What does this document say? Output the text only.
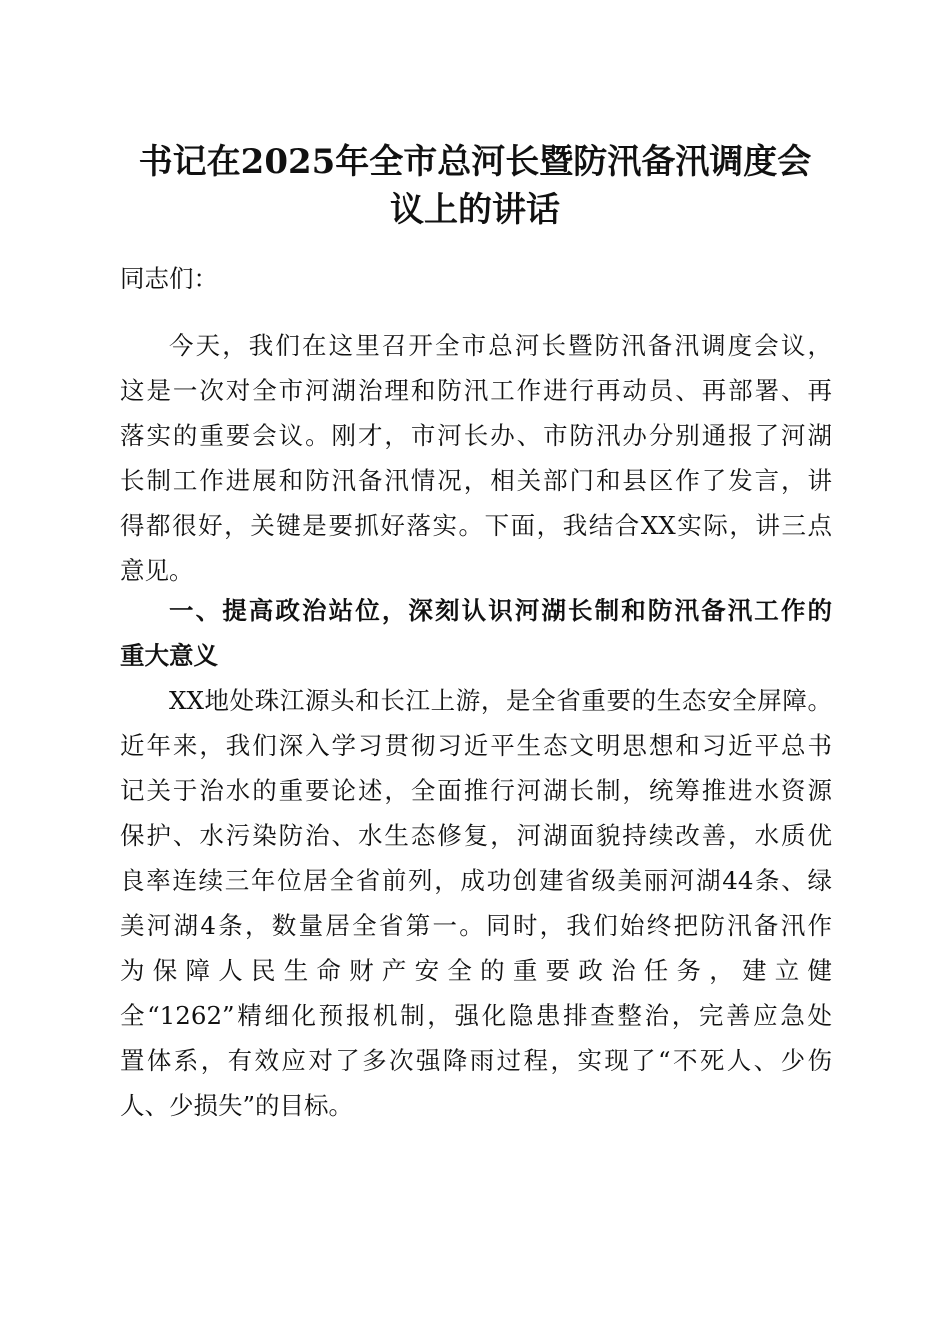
书记在2025年全市总河长暨防汛备汛调度会
议上的讲话

同志们：

今天，我们在这里召开全市总河长暨防汛备汛调度会议，
这是一次对全市河湖治理和防汛工作进行再动员、再部署、再
落实的重要会议。刚才，市河长办、市防汛办分别通报了河湖
长制工作进展和防汛备汛情况，相关部门和县区作了发言，讲
得都很好，关键是要抓好落实。下面，我结合XX实际，讲三点
意见。

一、提高政治站位，深刻认识河湖长制和防汛备汛工作的
重大意义

XX地处珠江源头和长江上游，是全省重要的生态安全屏障。
近年来，我们深入学习贯彻习近平生态文明思想和习近平总书
记关于治水的重要论述，全面推行河湖长制，统筹推进水资源
保护、水污染防治、水生态修复，河湖面貌持续改善，水质优
良率连续三年位居全省前列，成功创建省级美丽河湖44条、绿
美河湖4条，数量居全省第一。同时，我们始终把防汛备汛作
为保障人民生命财产安全的重要政治任务，建立健
全“1262”精细化预报机制，强化隐患排查整治，完善应急处
置体系，有效应对了多次强降雨过程，实现了“不死人、少伤
人、少损失”的目标。
